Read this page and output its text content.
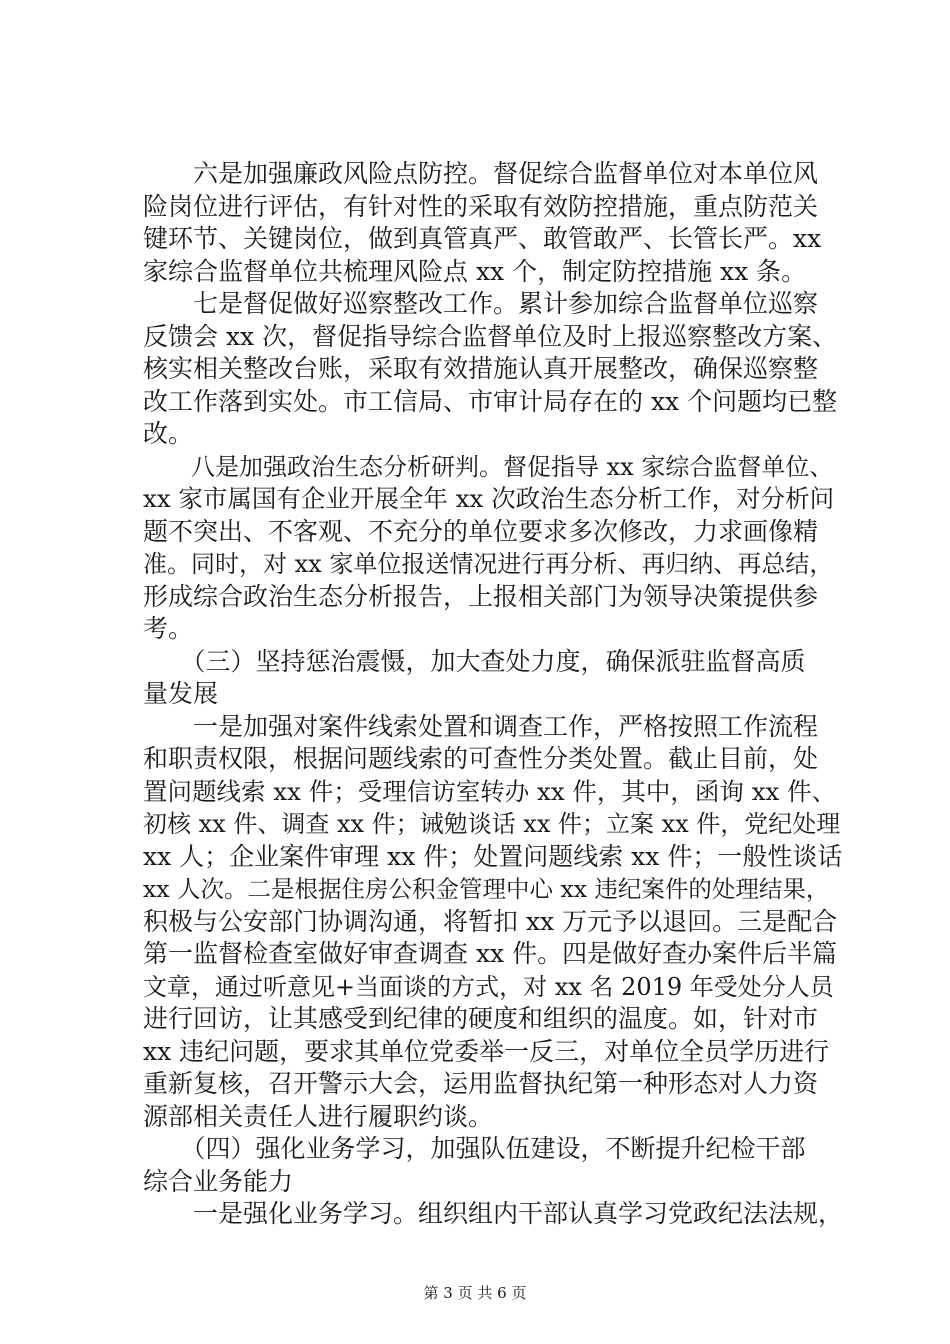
　　六是加强廉政风险点防控。督促综合监督单位对本单位风
险岗位进行评估，有针对性的采取有效防控措施，重点防范关
键环节、关键岗位，做到真管真严、敢管敢严、长管长严。xx
家综合监督单位共梳理风险点 xx 个，制定防控措施 xx 条。
　　七是督促做好巡察整改工作。累计参加综合监督单位巡察
反馈会 xx 次，督促指导综合监督单位及时上报巡察整改方案、
核实相关整改台账，采取有效措施认真开展整改，确保巡察整
改工作落到实处。市工信局、市审计局存在的 xx 个问题均已整
改。
　　八是加强政治生态分析研判。督促指导 xx 家综合监督单位、
xx 家市属国有企业开展全年 xx 次政治生态分析工作，对分析问
题不突出、不客观、不充分的单位要求多次修改，力求画像精
准。同时，对 xx 家单位报送情况进行再分析、再归纳、再总结，
形成综合政治生态分析报告，上报相关部门为领导决策提供参
考。
　　（三）坚持惩治震慑，加大查处力度，确保派驻监督高质
量发展
　　一是加强对案件线索处置和调查工作，严格按照工作流程
和职责权限，根据问题线索的可查性分类处置。截止目前，处
置问题线索 xx 件；受理信访室转办 xx 件，其中，函询 xx 件、
初核 xx 件、调查 xx 件；诫勉谈话 xx 件；立案 xx 件，党纪处理
xx 人；企业案件审理 xx 件；处置问题线索 xx 件；一般性谈话
xx 人次。二是根据住房公积金管理中心 xx 违纪案件的处理结果，
积极与公安部门协调沟通，将暂扣 xx 万元予以退回。三是配合
第一监督检查室做好审查调查 xx 件。四是做好查办案件后半篇
文章，通过听意见+当面谈的方式，对 xx 名 2019 年受处分人员
进行回访，让其感受到纪律的硬度和组织的温度。如，针对市
xx 违纪问题，要求其单位党委举一反三，对单位全员学历进行
重新复核，召开警示大会，运用监督执纪第一种形态对人力资
源部相关责任人进行履职约谈。
　　（四）强化业务学习，加强队伍建设，不断提升纪检干部
综合业务能力
　　一是强化业务学习。组织组内干部认真学习党政纪法法规，
第 3 页 共 6 页
